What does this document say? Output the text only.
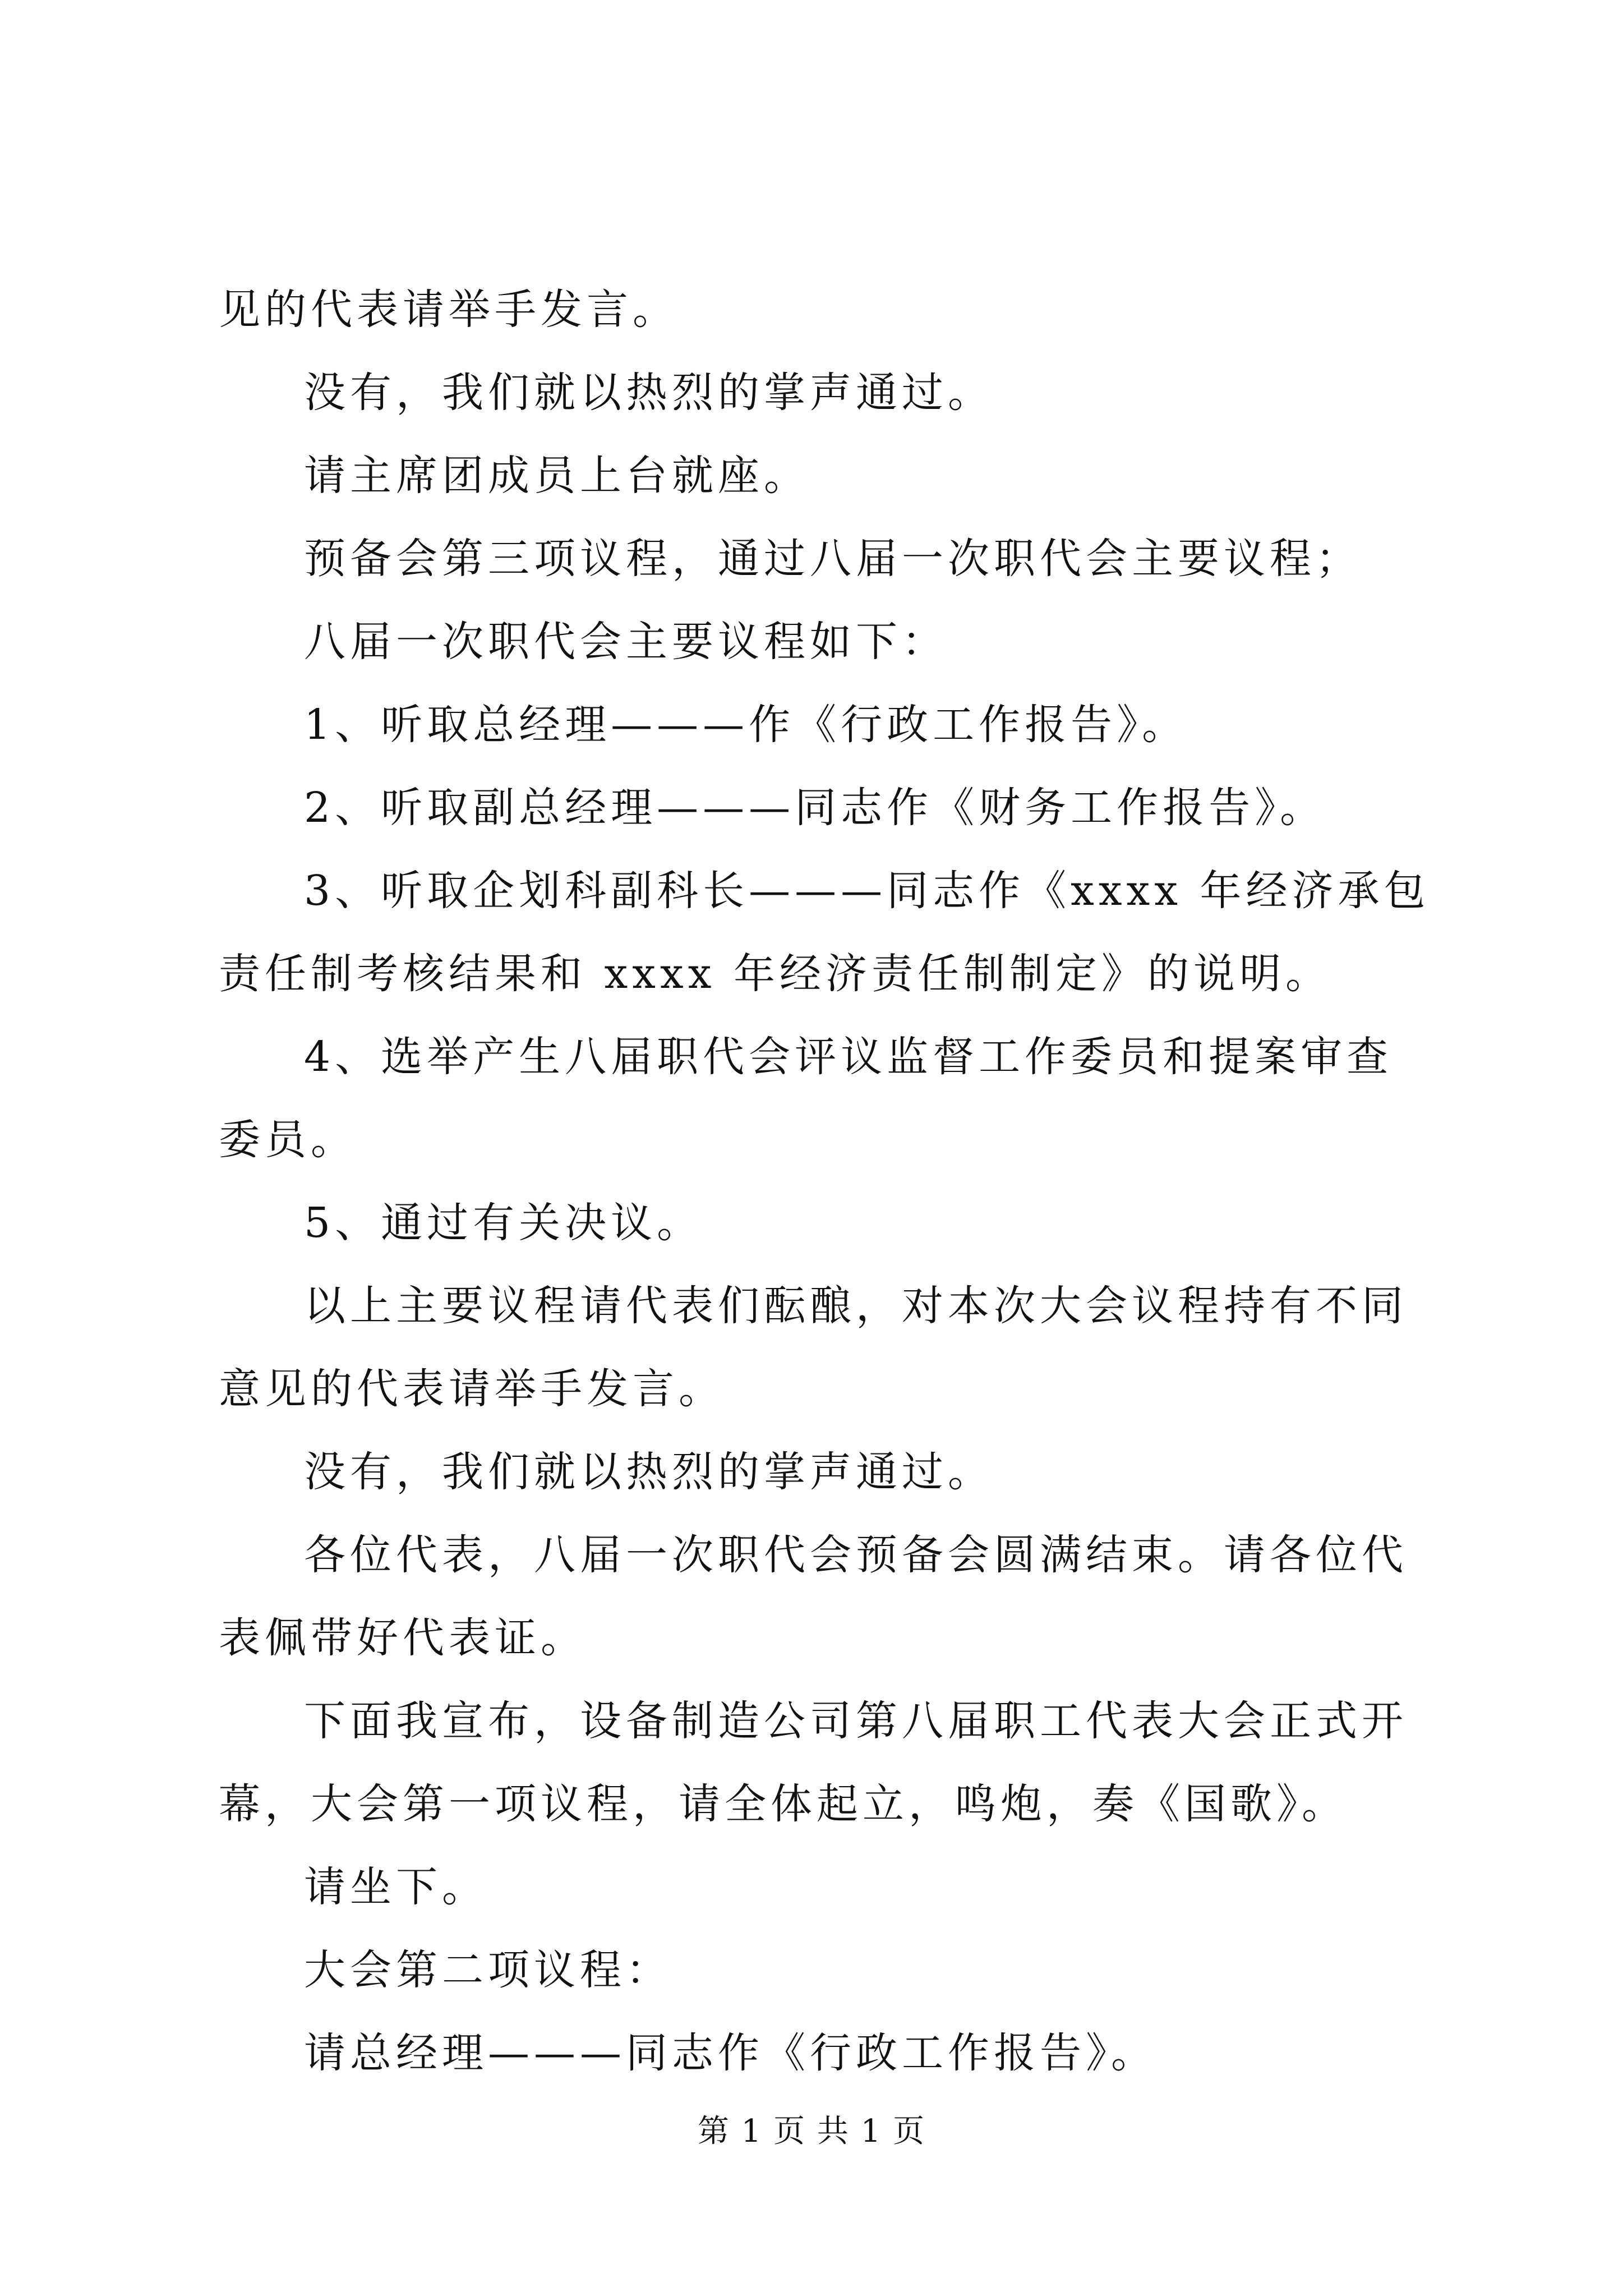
见的代表请举手发言。

没有，我们就以热烈的掌声通过。

请主席团成员上台就座。

预备会第三项议程，通过八届一次职代会主要议程；

八届一次职代会主要议程如下：

1、听取总经理———作《行政工作报告》。

2、听取副总经理———同志作《财务工作报告》。

3、听取企划科副科长———同志作《xxxx 年经济承包责任制考核结果和 xxxx 年经济责任制制定》的说明。

4、选举产生八届职代会评议监督工作委员和提案审查委员。

5、通过有关决议。

以上主要议程请代表们酝酿，对本次大会议程持有不同意见的代表请举手发言。

没有，我们就以热烈的掌声通过。

各位代表，八届一次职代会预备会圆满结束。请各位代表佩带好代表证。

下面我宣布，设备制造公司第八届职工代表大会正式开幕，大会第一项议程，请全体起立，鸣炮，奏《国歌》。

请坐下。

大会第二项议程：

请总经理———同志作《行政工作报告》。

第 1 页 共 1 页
